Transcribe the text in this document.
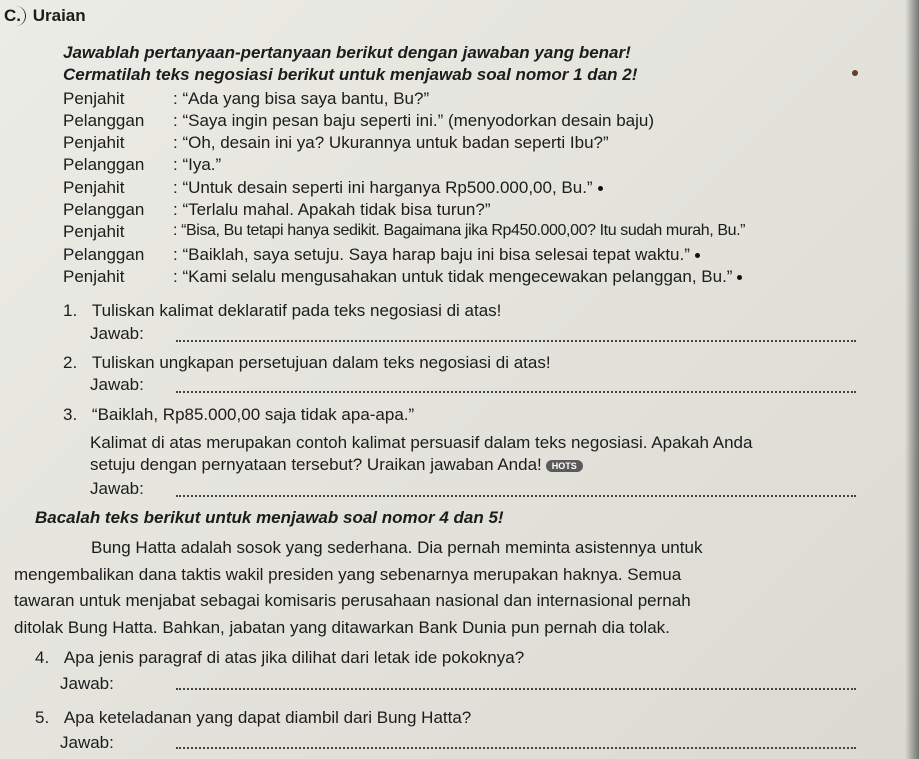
C. Uraian
Jawablah pertanyaan-pertanyaan berikut dengan jawaban yang benar!
Cermatilah teks negosiasi berikut untuk menjawab soal nomor 1 dan 2!
Penjahit	: “Ada yang bisa saya bantu, Bu?”
Pelanggan : “Saya ingin pesan baju seperti ini.” (menyodorkan desain baju)
Penjahit	: “Oh, desain ini ya? Ukurannya untuk badan seperti Ibu?”
Pelanggan : “Iya.”
Penjahit	: “Untuk desain seperti ini harganya Rp500.000,00, Bu.”
Pelanggan : “Terlalu mahal. Apakah tidak bisa turun?”
Penjahit	: “Bisa, Bu tetapi hanya sedikit. Bagaimana jika Rp450.000,00? Itu sudah murah, Bu.”
Pelanggan : “Baiklah, saya setuju. Saya harap baju ini bisa selesai tepat waktu.”
Penjahit	: “Kami selalu mengusahakan untuk tidak mengecewakan pelanggan, Bu.”
1. Tuliskan kalimat deklaratif pada teks negosiasi di atas!
Jawab:
2. Tuliskan ungkapan persetujuan dalam teks negosiasi di atas!
Jawab:
3. “Baiklah, Rp85.000,00 saja tidak apa-apa.”
Kalimat di atas merupakan contoh kalimat persuasif dalam teks negosiasi. Apakah Anda
setuju dengan pernyataan tersebut? Uraikan jawaban Anda! HOTS
Jawab:
Bacalah teks berikut untuk menjawab soal nomor 4 dan 5!
Bung Hatta adalah sosok yang sederhana. Dia pernah meminta asistennya untuk
mengembalikan dana taktis wakil presiden yang sebenarnya merupakan haknya. Semua
tawaran untuk menjabat sebagai komisaris perusahaan nasional dan internasional pernah
ditolak Bung Hatta. Bahkan, jabatan yang ditawarkan Bank Dunia pun pernah dia tolak.
4. Apa jenis paragraf di atas jika dilihat dari letak ide pokoknya?
Jawab:
5. Apa keteladanan yang dapat diambil dari Bung Hatta?
Jawab:
